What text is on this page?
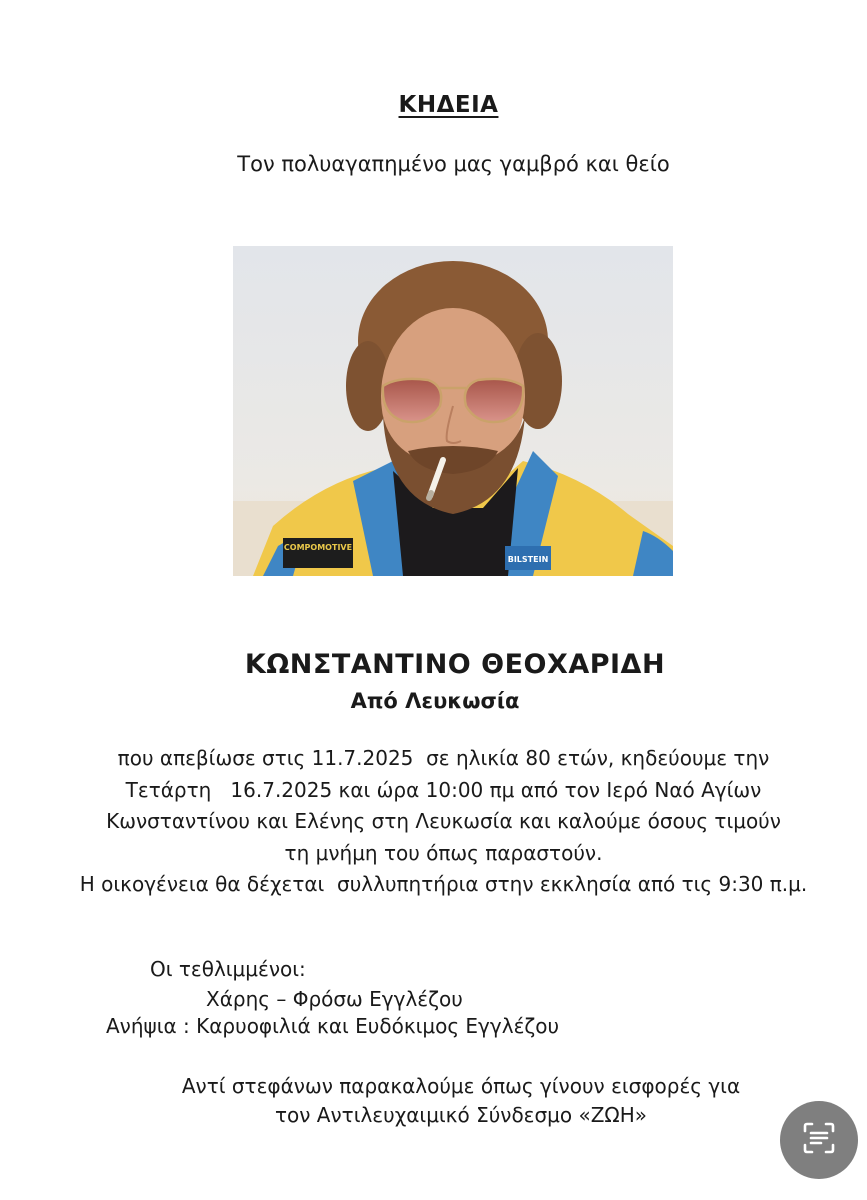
ΚΗΔΕΙΑ
Τον πολυαγαπημένο μας γαμβρό και θείο
COMPOMOTIVE
BILSTEIN
ΚΩΝΣΤΑΝΤΙΝΟ ΘΕΟΧΑΡΙΔΗ
Από Λευκωσία
που απεβίωσε στις 11.7.2025  σε ηλικία 80 ετών, κηδεύουμε την
Τετάρτη   16.7.2025 και ώρα 10:00 πμ από τον Ιερό Ναό Αγίων
Κωνσταντίνου και Ελένης στη Λευκωσία και καλούμε όσους τιμούν
τη μνήμη του όπως παραστούν.
Η οικογένεια θα δέχεται  συλλυπητήρια στην εκκλησία από τις 9:30 π.μ.
Οι τεθλιμμένοι:
Χάρης – Φρόσω Εγγλέζου
Ανήψια : Καρυοφιλιά και Ευδόκιμος Εγγλέζου
Αντί στεφάνων παρακαλούμε όπως γίνουν εισφορές για
τον Αντιλευχαιμικό Σύνδεσμο «ΖΩΗ»
